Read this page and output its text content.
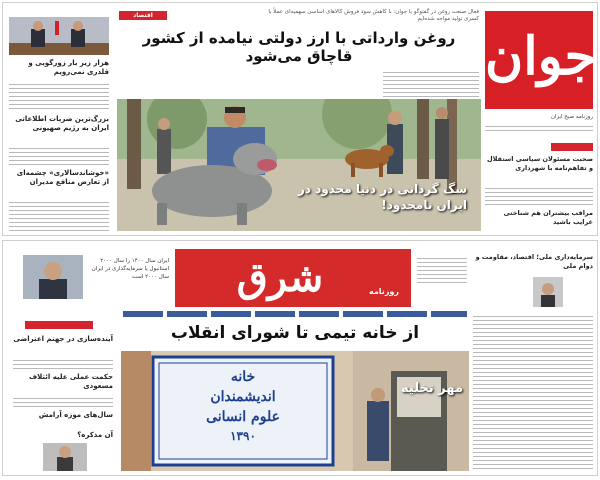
جوان
روزنامه صبح ایران
صحبت مسئولان سیاسی استقلال و تفاهم‌نامه با شهرداری
مراقب بیشتران هم شناختی غرایب باشید
اقتصاد	فعال صنعت روغن در گفتوگو با جوان: با کاهش سود فروش کالاهای اساسی سهمیه‌ای عملاً با کسری تولید مواجه شده‌ایم
روغن وارداتی با ارز دولتی نیامده از کشور قاچاق می‌شود
سگ گردانی در دنیا محدود در ایران نامحدود!
هزار زیر بار زورگویی و قلدری نمی‌رویم
بزرگ‌ترین ضربات اطلاعاتی ایران به رژیم صهیونی
«خوشاندسالاری» چشمه‌ای از تعارض منافع مدیران
شرق	روزنامه
ایران سال ۱۴۰۰ را سال ۲۰۰۰ استانبول یا سرمایه‌گذاری در ایران سال ۲۰۰۰ است
سرمایه‌داری ملی؛ اقتصاد، مقاومت و دوام ملی
از خانه تیمی تا شورای انقلاب
خانه
اندیشمندان
علوم انسانی
۱۳۹۰
مهر تخلیه
آینده‌سازی در جهنم اعتراضی
حکمت عملی علیه ائتلاف مسعودی
سال‌های موزه آرامش
آن مذکره؟
